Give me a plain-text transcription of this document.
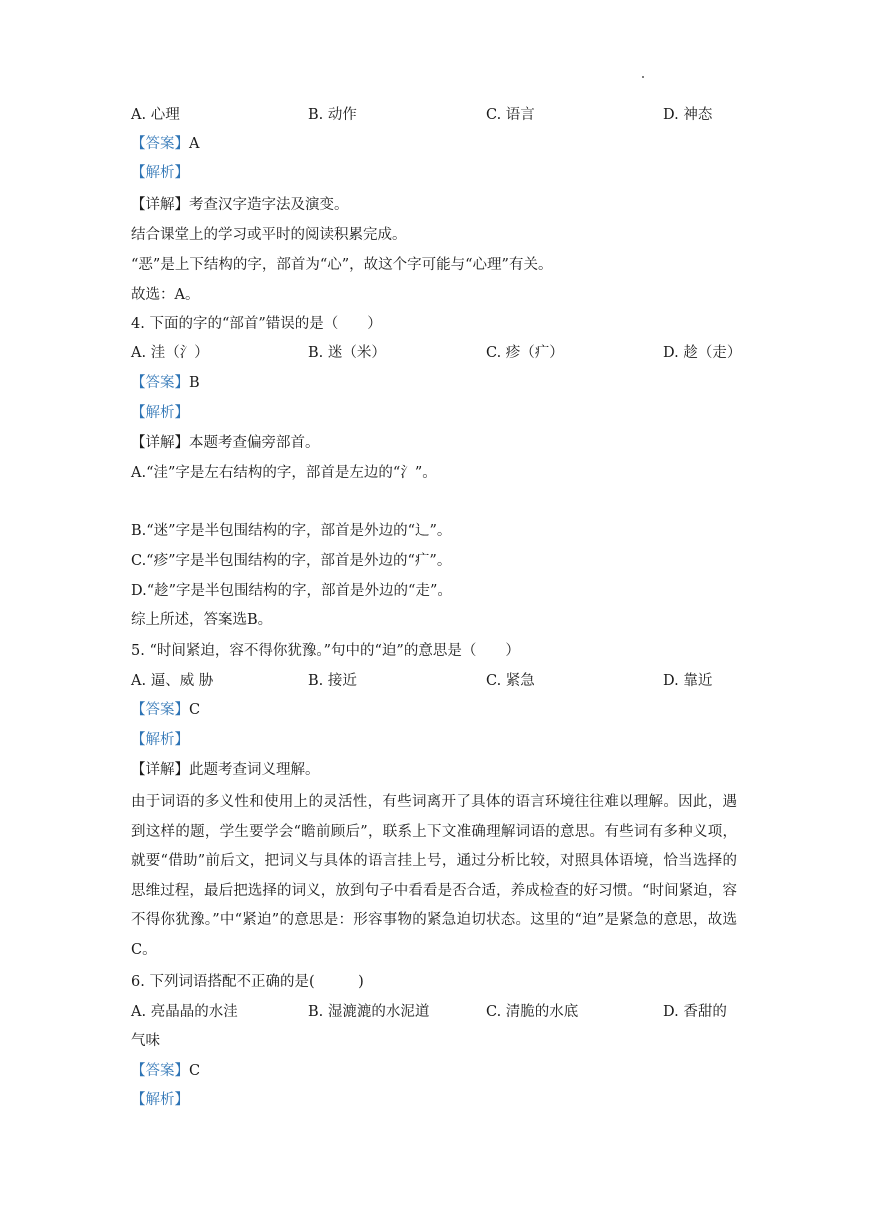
A. 心理	B. 动作	C. 语言	D. 神态
【答案】A
【解析】
【详解】考查汉字造字法及演变。
结合课堂上的学习或平时的阅读积累完成。
“恶”是上下结构的字，部首为“心”，故这个字可能与“心理”有关。
故选：A。
4. 下面的字的“部首”错误的是（　　）
A. 洼（氵）	B. 迷（米）	C. 疹（疒）	D. 趁（走）
【答案】B
【解析】
【详解】本题考查偏旁部首。
A.“洼”字是左右结构的字，部首是左边的“氵”。
B.“迷”字是半包围结构的字，部首是外边的“辶”。
C.“疹”字是半包围结构的字，部首是外边的“疒”。
D.“趁”字是半包围结构的字，部首是外边的“走”。
综上所述，答案选B。
5. “时间紧迫，容不得你犹豫。”句中的“迫”的意思是（　　）
A. 逼、威 胁	B. 接近	C. 紧急	D. 靠近
【答案】C
【解析】
【详解】此题考查词义理解。
由于词语的多义性和使用上的灵活性，有些词离开了具体的语言环境往往难以理解。因此，遇到这样的题，学生要学会“瞻前顾后”，联系上下文准确理解词语的意思。有些词有多种义项，就要“借助”前后文，把词义与具体的语言挂上号，通过分析比较，对照具体语境，恰当选择的思维过程，最后把选择的词义，放到句子中看看是否合适，养成检查的好习惯。“时间紧迫，容不得你犹豫。”中“紧迫”的意思是：形容事物的紧急迫切状态。这里的“迫”是紧急的意思，故选C。
6. 下列词语搭配不正确的是(　　　)
A. 亮晶晶的水洼	B. 湿漉漉的水泥道	C. 清脆的水底	D. 香甜的
气味
【答案】C
【解析】
